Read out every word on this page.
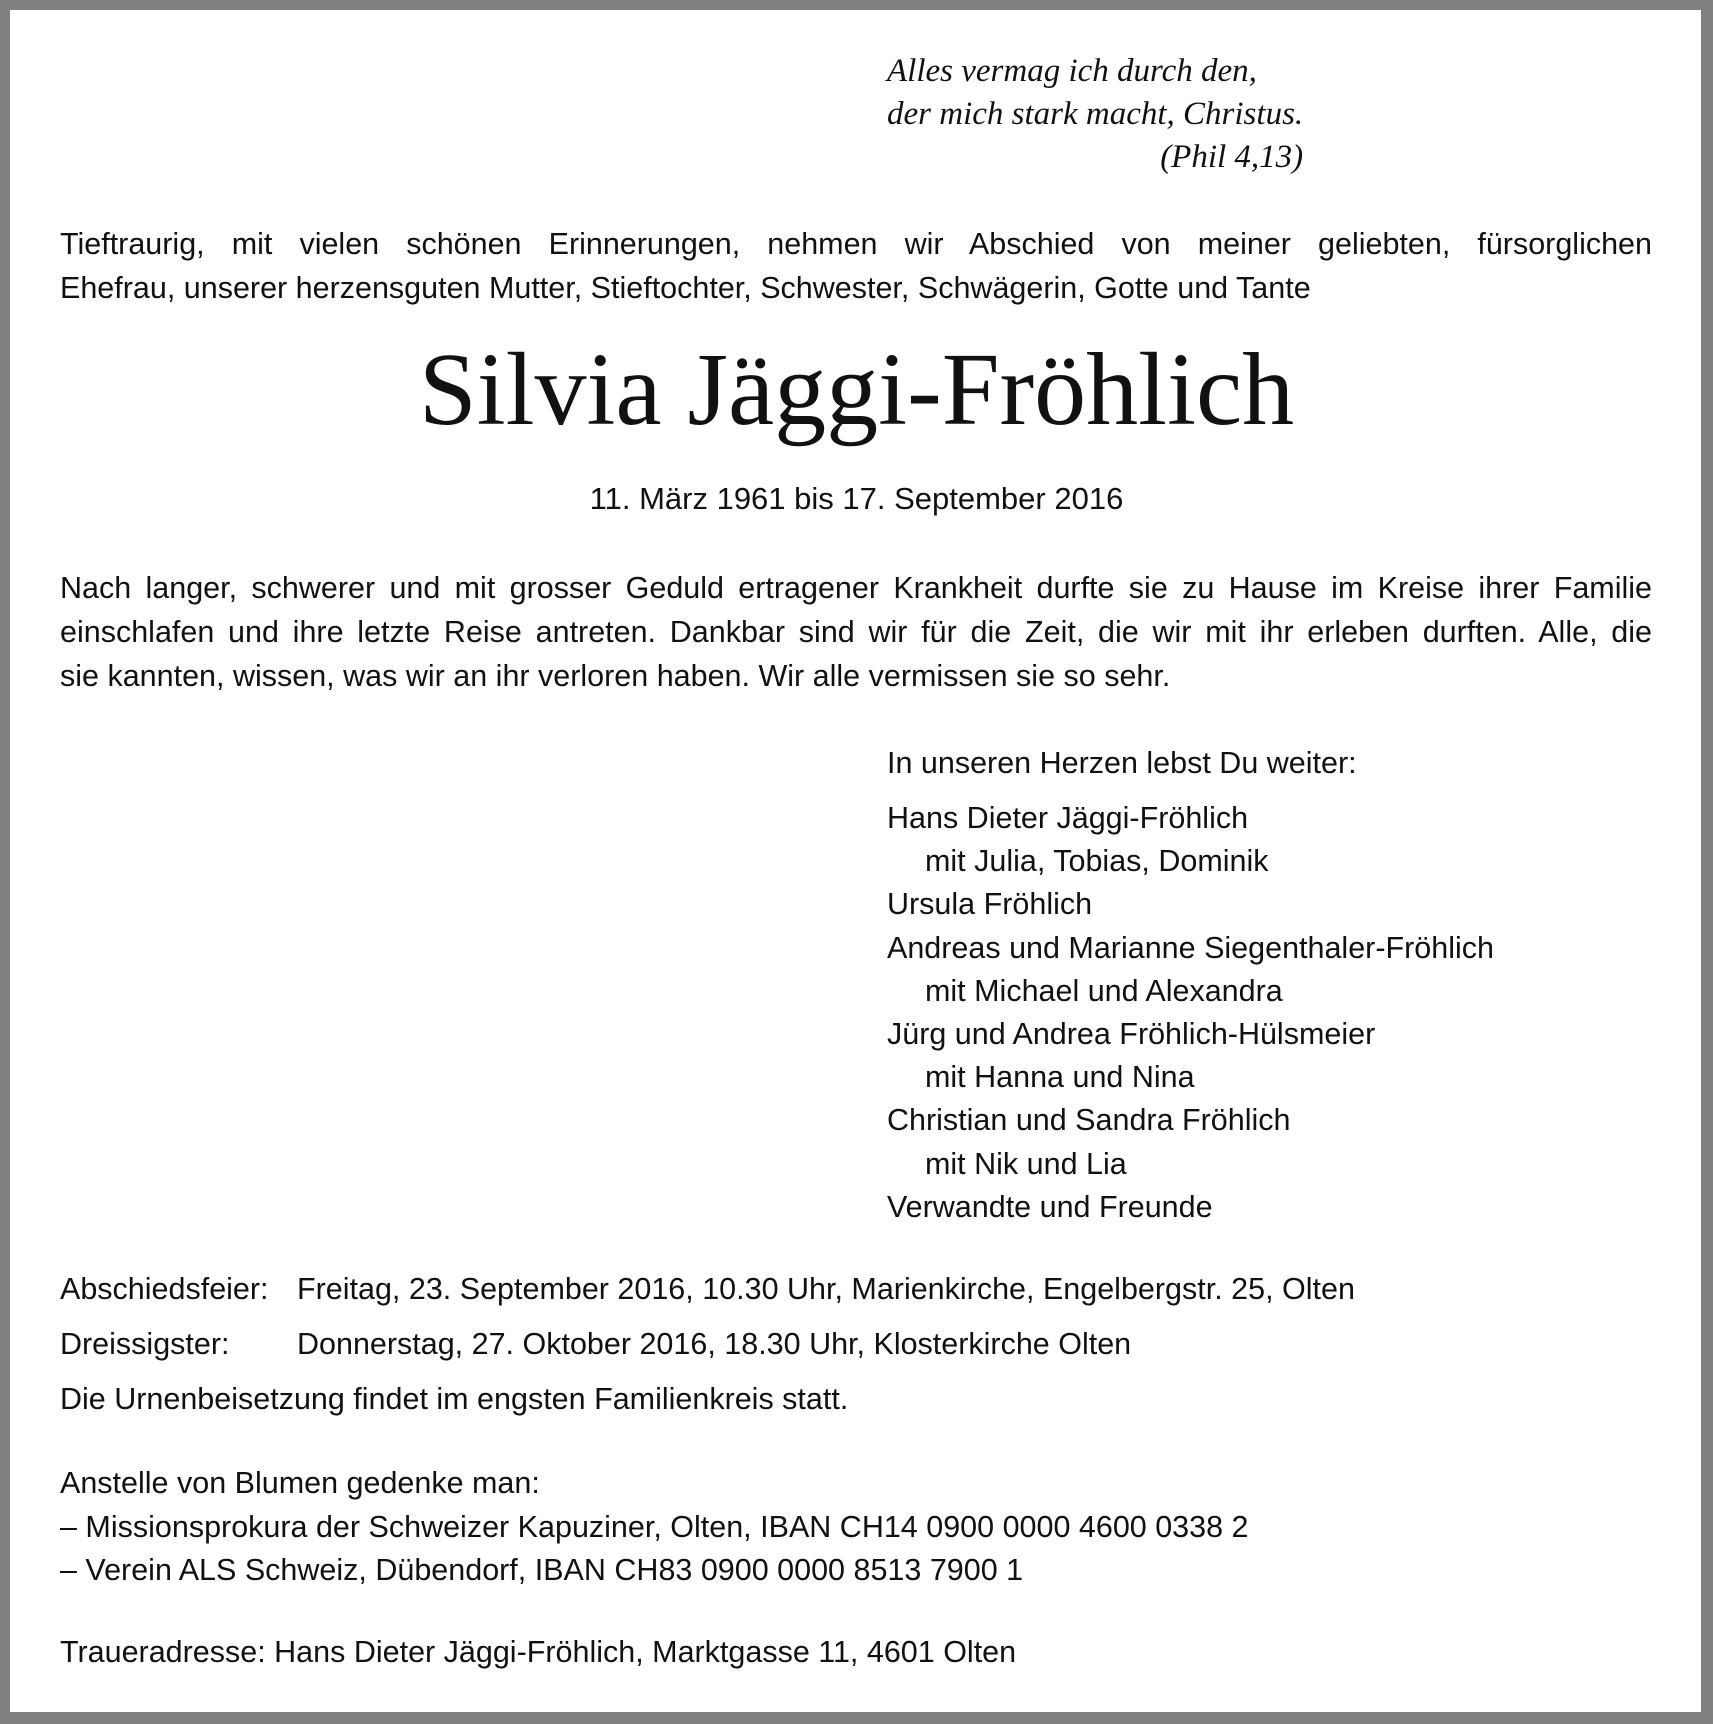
Alles vermag ich durch den,
der mich stark macht, Christus.
(Phil 4,13)
Tieftraurig, mit vielen schönen Erinnerungen, nehmen wir Abschied von meiner geliebten, fürsorglichen
Ehefrau, unserer herzensguten Mutter, Stieftochter, Schwester, Schwägerin, Gotte und Tante
Silvia Jäggi-Fröhlich
11. März 1961 bis 17. September 2016
Nach langer, schwerer und mit grosser Geduld ertragener Krankheit durfte sie zu Hause im Kreise ihrer Familie
einschlafen und ihre letzte Reise antreten. Dankbar sind wir für die Zeit, die wir mit ihr erleben durften. Alle, die
sie kannten, wissen, was wir an ihr verloren haben. Wir alle vermissen sie so sehr.
In unseren Herzen lebst Du weiter:
Hans Dieter Jäggi-Fröhlich
mit Julia, Tobias, Dominik
Ursula Fröhlich
Andreas und Marianne Siegenthaler-Fröhlich
mit Michael und Alexandra
Jürg und Andrea Fröhlich-Hülsmeier
mit Hanna und Nina
Christian und Sandra Fröhlich
mit Nik und Lia
Verwandte und Freunde
Abschiedsfeier: Freitag, 23. September 2016, 10.30 Uhr, Marienkirche, Engelbergstr. 25, Olten
Dreissigster: Donnerstag, 27. Oktober 2016, 18.30 Uhr, Klosterkirche Olten
Die Urnenbeisetzung findet im engsten Familienkreis statt.
Anstelle von Blumen gedenke man:
– Missionsprokura der Schweizer Kapuziner, Olten, IBAN CH14 0900 0000 4600 0338 2
– Verein ALS Schweiz, Dübendorf, IBAN CH83 0900 0000 8513 7900 1
Traueradresse: Hans Dieter Jäggi-Fröhlich, Marktgasse 11, 4601 Olten
